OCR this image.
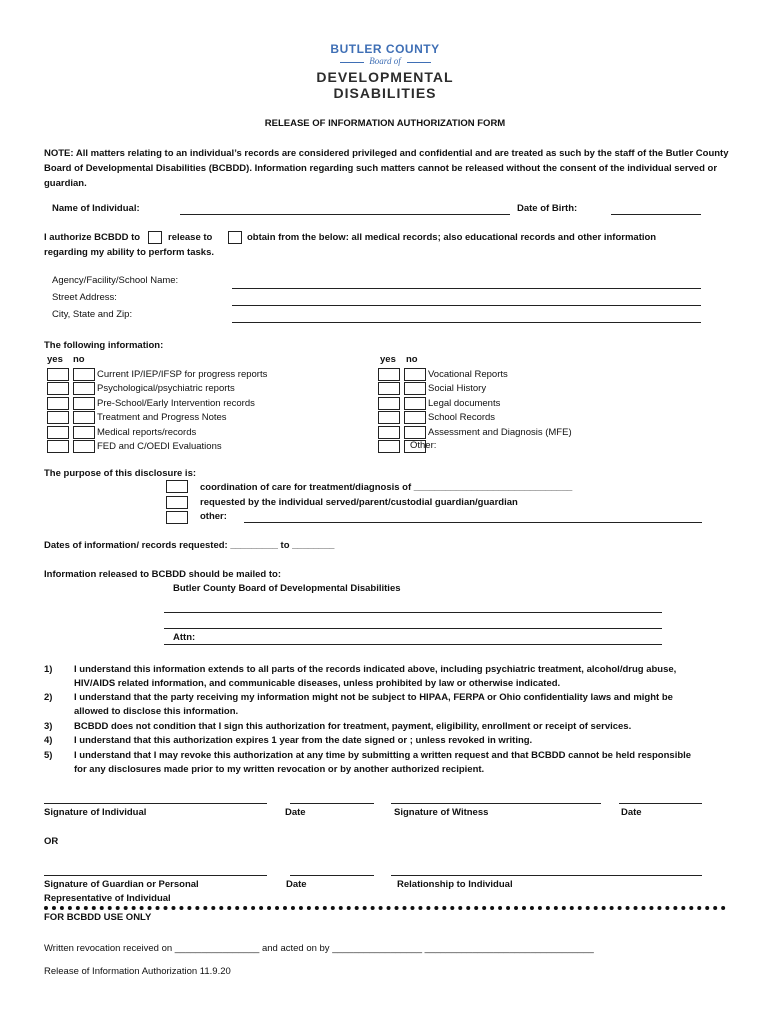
BUTLER COUNTY
Board of
DEVELOPMENTAL
DISABILITIES
RELEASE OF INFORMATION AUTHORIZATION FORM
NOTE: All matters relating to an individual’s records are considered privileged and confidential and are treated as such by the staff of the Butler County Board of Developmental Disabilities (BCBDD). Information regarding such matters cannot be released without the consent of the individual served or guardian.
Name of Individual:	Date of Birth:
I authorize BCBDD to	release to	obtain from the below: all medical records; also educational records and other information
regarding my ability to perform tasks.
Agency/Facility/School Name:
Street Address:
City, State and Zip:
The following information:
yes no	yes no
Current IP/IEP/IFSP for progress reports
Psychological/psychiatric reports
Pre-School/Early Intervention records
Treatment and Progress Notes
Medical reports/records
FED and C/OEDI Evaluations
Vocational Reports
Social History
Legal documents
School Records
Assessment and Diagnosis (MFE)
Other:
The purpose of this disclosure is:
coordination of care for treatment/diagnosis of ______________________________
requested by the individual served/parent/custodial guardian/guardian
other:
Dates of information/ records requested: _________ to ________
Information released to BCBDD should be mailed to:
Butler County Board of Developmental Disabilities
Attn:
1) I understand this information extends to all parts of the records indicated above, including psychiatric treatment, alcohol/drug abuse,
HIV/AIDS related information, and communicable diseases, unless prohibited by law or otherwise indicated.
2) I understand that the party receiving my information might not be subject to HIPAA, FERPA or Ohio confidentiality laws and might be
allowed to disclose this information.
3) BCBDD does not condition that I sign this authorization for treatment, payment, eligibility, enrollment or receipt of services.
4) I understand that this authorization expires 1 year from the date signed or ; unless revoked in writing.
5) I understand that I may revoke this authorization at any time by submitting a written request and that BCBDD cannot be held responsible
for any disclosures made prior to my written revocation or by another authorized recipient.
Signature of Individual	Date	Signature of Witness	Date
OR
Signature of Guardian or Personal
Representative of Individual
Date	Relationship to Individual
FOR BCBDD USE ONLY
Written revocation received on ________________ and acted on by _________________ ________________________________
Release of Information Authorization 11.9.20
